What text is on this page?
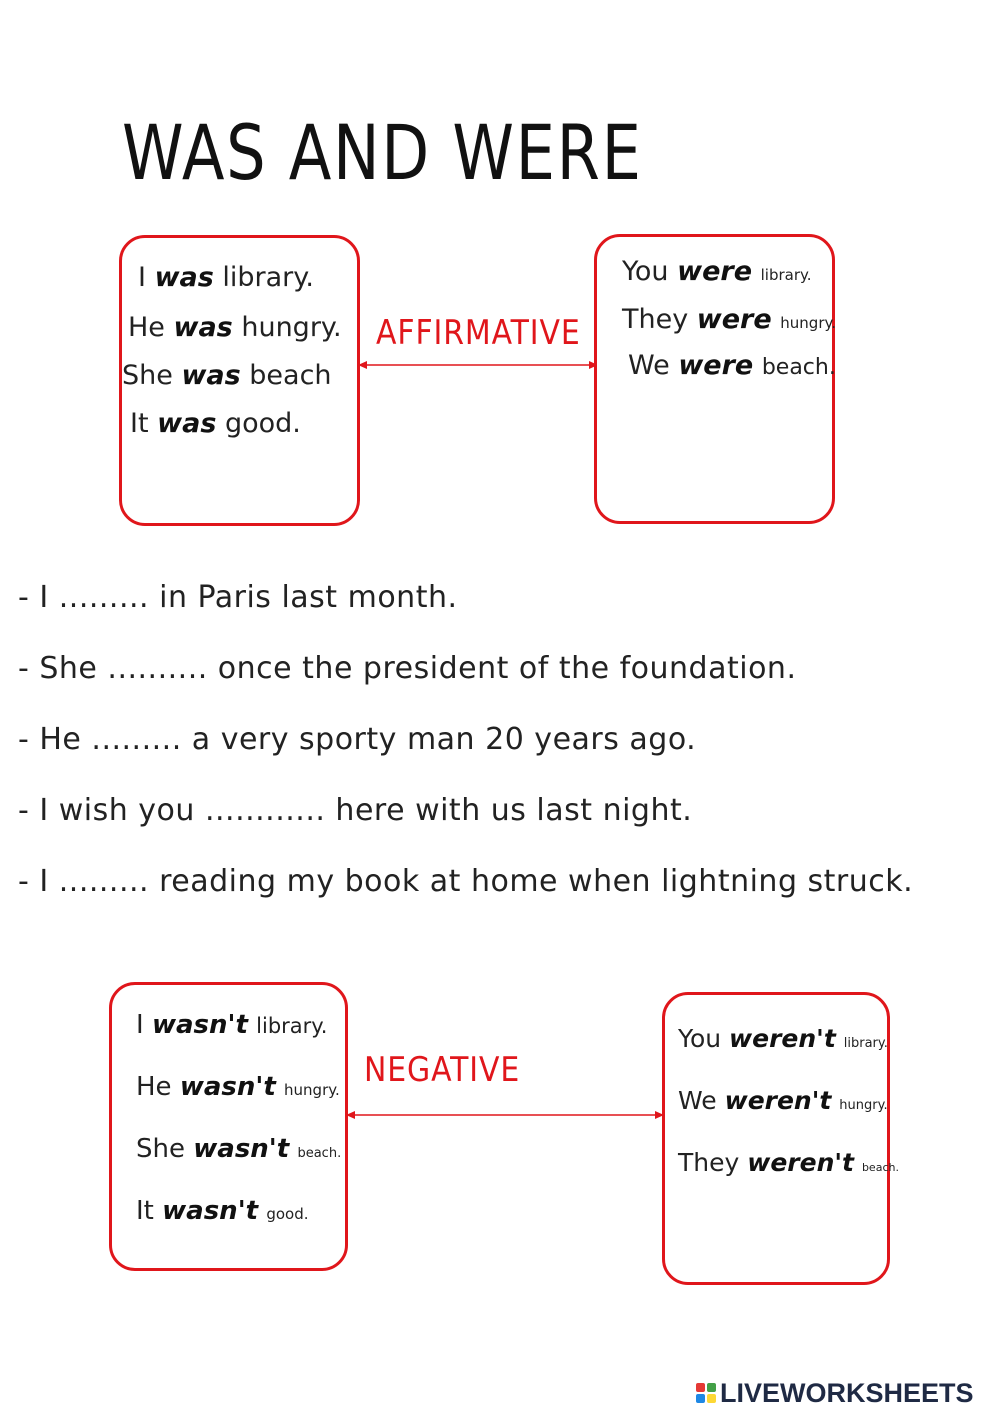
WAS AND WERE
I was library.
He was hungry.
She was beach
It was good.
AFFIRMATIVE
You were library.
They were hungry.
We were beach.
- I ......... in Paris last month.
- She .......... once the president of the foundation.
- He ......... a very sporty man 20 years ago.
- I wish you ............ here with us last night.
- I ......... reading my book at home when lightning struck.
I wasn't library.
He wasn't hungry.
She wasn't beach.
It wasn't good.
NEGATIVE
You weren't library.
We weren't hungry.
They weren't beach.
LIVEWORKSHEETS
